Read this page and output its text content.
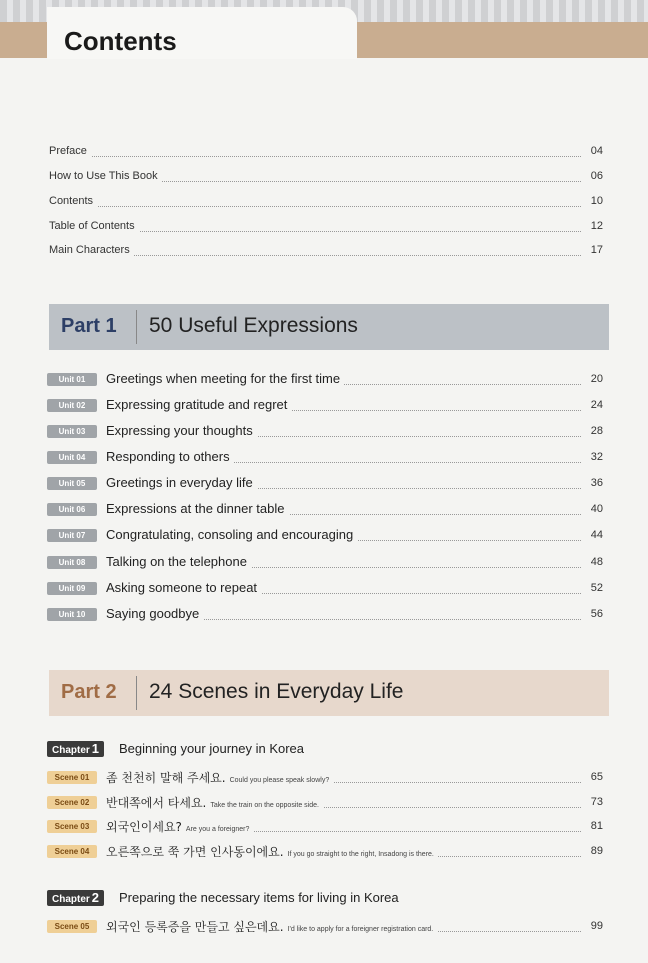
Contents
Preface	04
How to Use This Book	06
Contents	10
Table of Contents	12
Main Characters	17
Part 1 50 Useful Expressions
Unit 01	Greetings when meeting for the first time	20
Unit 02	Expressing gratitude and regret	24
Unit 03	Expressing your thoughts	28
Unit 04	Responding to others	32
Unit 05	Greetings in everyday life	36
Unit 06	Expressions at the dinner table	40
Unit 07	Congratulating, consoling and encouraging	44
Unit 08	Talking on the telephone	48
Unit 09	Asking someone to repeat	52
Unit 10	Saying goodbye	56
Part 2 24 Scenes in Everyday Life
Chapter 1	Beginning your journey in Korea
Scene 01	좀 천천히 말해 주세요. Could you please speak slowly?	65
Scene 02	반대쪽에서 타세요. Take the train on the opposite side.	73
Scene 03	외국인이세요? Are you a foreigner?	81
Scene 04	오른쪽으로 쭉 가면 인사동이에요. If you go straight to the right, Insadong is there.	89
Chapter 2	Preparing the necessary items for living in Korea
Scene 05	외국인 등록증을 만들고 싶은데요. I'd like to apply for a foreigner registration card.	99
